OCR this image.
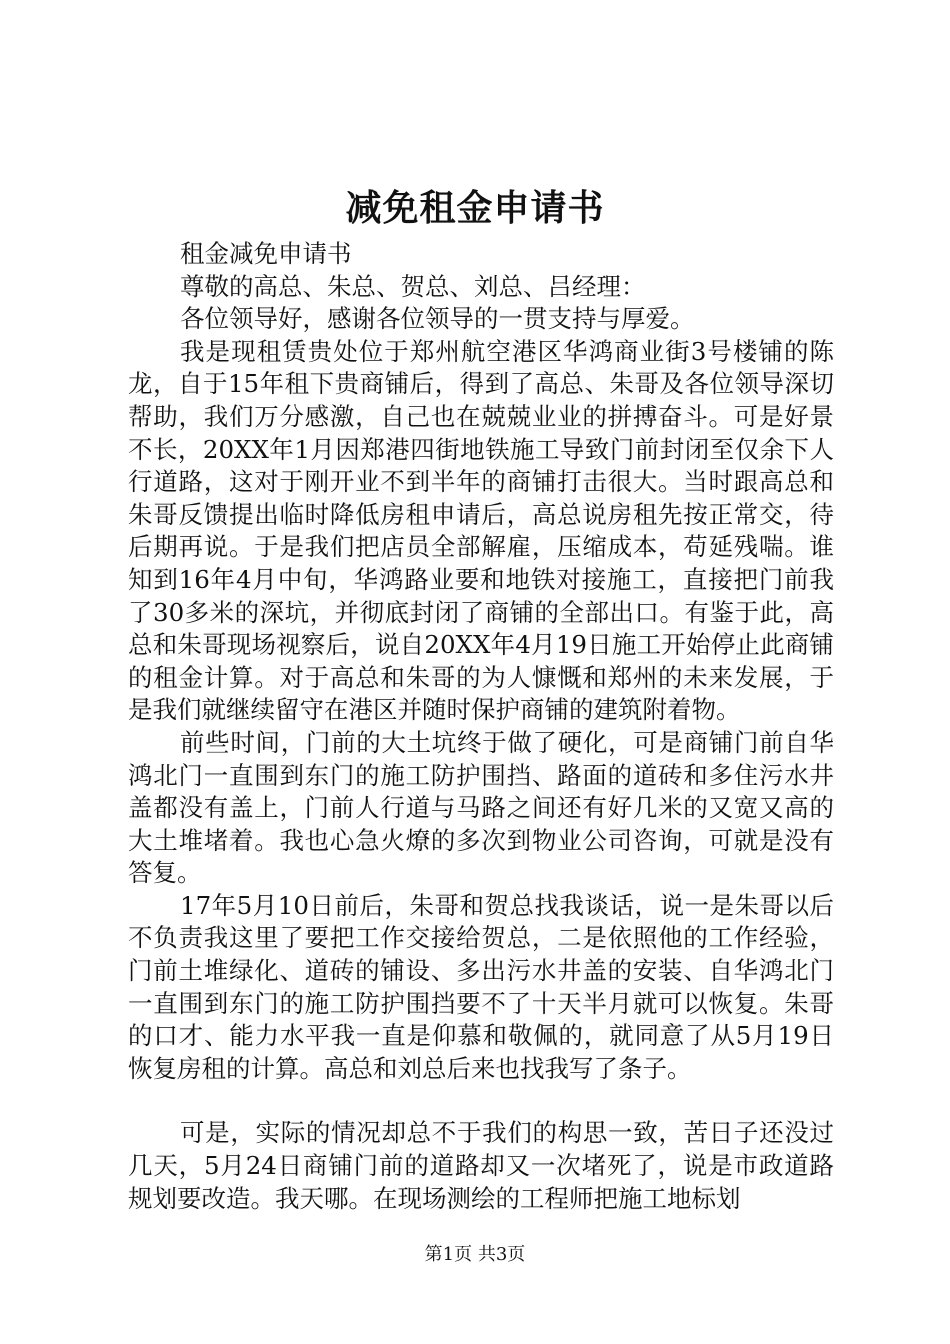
减免租金申请书

租金减免申请书

尊敬的高总、朱总、贺总、刘总、吕经理：

各位领导好，感谢各位领导的一贯支持与厚爱。

我是现租赁贵处位于郑州航空港区华鸿商业街3号楼铺的陈龙，自于15年租下贵商铺后，得到了高总、朱哥及各位领导深切帮助，我们万分感激，自己也在兢兢业业的拼搏奋斗。可是好景不长，20XX年1月因郑港四街地铁施工导致门前封闭至仅余下人行道路，这对于刚开业不到半年的商铺打击很大。当时跟高总和朱哥反馈提出临时降低房租申请后，高总说房租先按正常交，待后期再说。于是我们把店员全部解雇，压缩成本，苟延残喘。谁知到16年4月中旬，华鸿路业要和地铁对接施工，直接把门前我了30多米的深坑，并彻底封闭了商铺的全部出口。有鉴于此，高总和朱哥现场视察后，说自20XX年4月19日施工开始停止此商铺的租金计算。对于高总和朱哥的为人慷慨和郑州的未来发展，于是我们就继续留守在港区并随时保护商铺的建筑附着物。

前些时间，门前的大土坑终于做了硬化，可是商铺门前自华鸿北门一直围到东门的施工防护围挡、路面的道砖和多住污水井盖都没有盖上，门前人行道与马路之间还有好几米的又宽又高的大土堆堵着。我也心急火燎的多次到物业公司咨询，可就是没有答复。

17年5月10日前后，朱哥和贺总找我谈话，说一是朱哥以后不负责我这里了要把工作交接给贺总，二是依照他的工作经验，门前土堆绿化、道砖的铺设、多出污水井盖的安装、自华鸿北门一直围到东门的施工防护围挡要不了十天半月就可以恢复。朱哥的口才、能力水平我一直是仰慕和敬佩的，就同意了从5月19日恢复房租的计算。高总和刘总后来也找我写了条子。

可是，实际的情况却总不于我们的构思一致，苦日子还没过几天，5月24日商铺门前的道路却又一次堵死了，说是市政道路规划要改造。我天哪。在现场测绘的工程师把施工地标划

第1页 共3页
